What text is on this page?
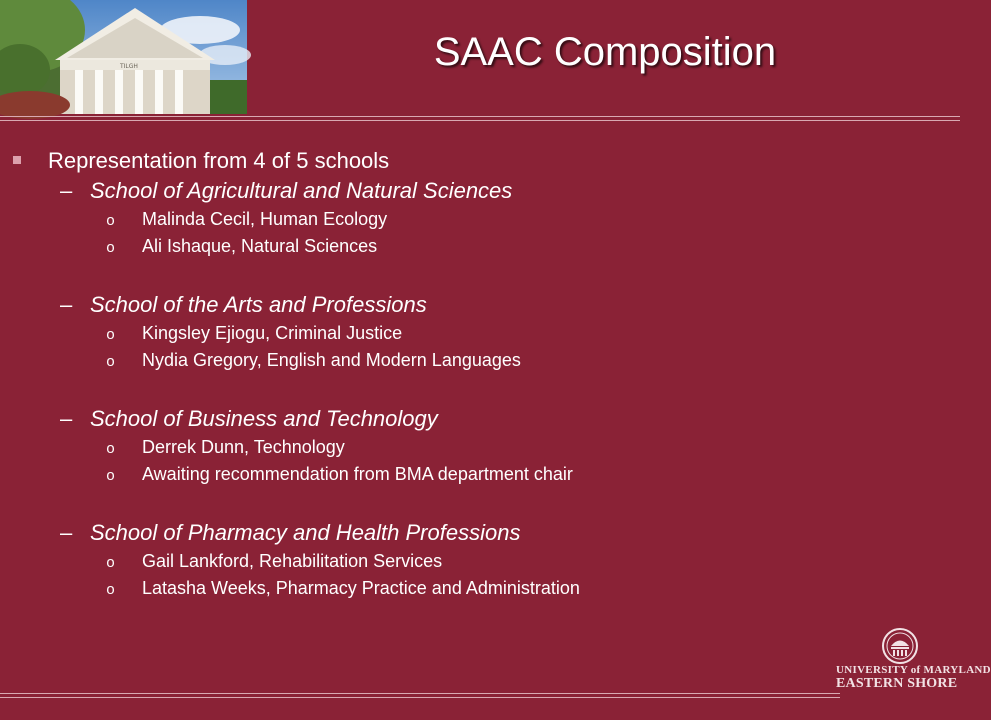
TILGH	SAAC Composition
Representation from 4 of 5 schools
– School of Agricultural and Natural Sciences
o Malinda Cecil, Human Ecology
o Ali Ishaque, Natural Sciences
– School of the Arts and Professions
o Kingsley Ejiogu, Criminal Justice
o Nydia Gregory, English and Modern Languages
– School of Business and Technology
o Derrek Dunn, Technology
o Awaiting recommendation from BMA department chair
– School of Pharmacy and Health Professions
o Gail Lankford, Rehabilitation Services
o Latasha Weeks, Pharmacy Practice and Administration
UNIVERSITY of MARYLAND
EASTERN SHORE
